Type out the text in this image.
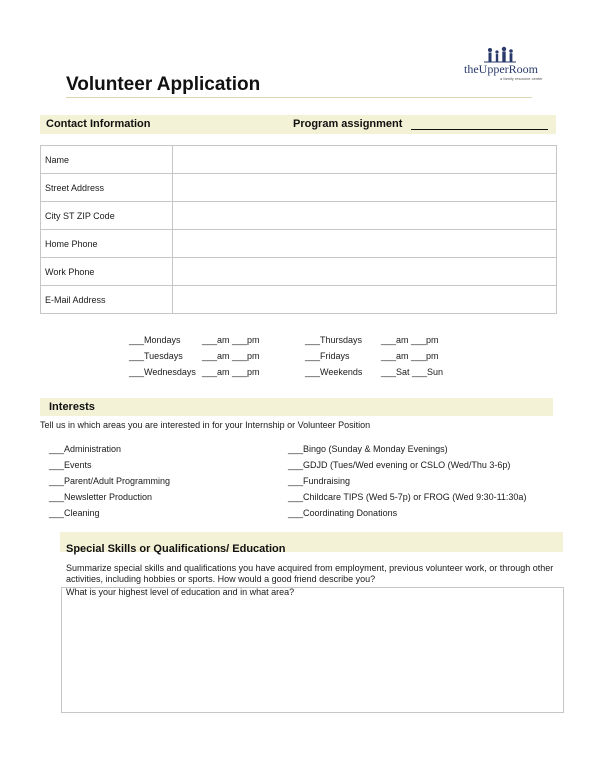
Volunteer Application
theUpperRoom
a family resource center
Contact Information	Program assignment
Name	
Street Address	
City ST ZIP Code	
Home Phone	
Work Phone	
E-Mail Address	
___Mondays ___am ___pm	___Thursdays ___am ___pm
___Tuesdays ___am ___pm	___Fridays	___am ___pm
___Wednesdays ___am ___pm	___Weekends ___Sat ___Sun
Interests
Tell us in which areas you are interested in for your Internship or Volunteer Position
___Administration
___Events
___Parent/Adult Programming
___Newsletter Production
___Cleaning
___Bingo (Sunday & Monday Evenings)
___GDJD (Tues/Wed evening or CSLO (Wed/Thu 3-6p)
___Fundraising
___Childcare TIPS (Wed 5-7p) or FROG (Wed 9:30-11:30a)
___Coordinating Donations
Special Skills or Qualifications/ Education
Summarize special skills and qualifications you have acquired from employment, previous volunteer work, or through other activities, including hobbies or sports. How would a good friend describe you?
What is your highest level of education and in what area?
